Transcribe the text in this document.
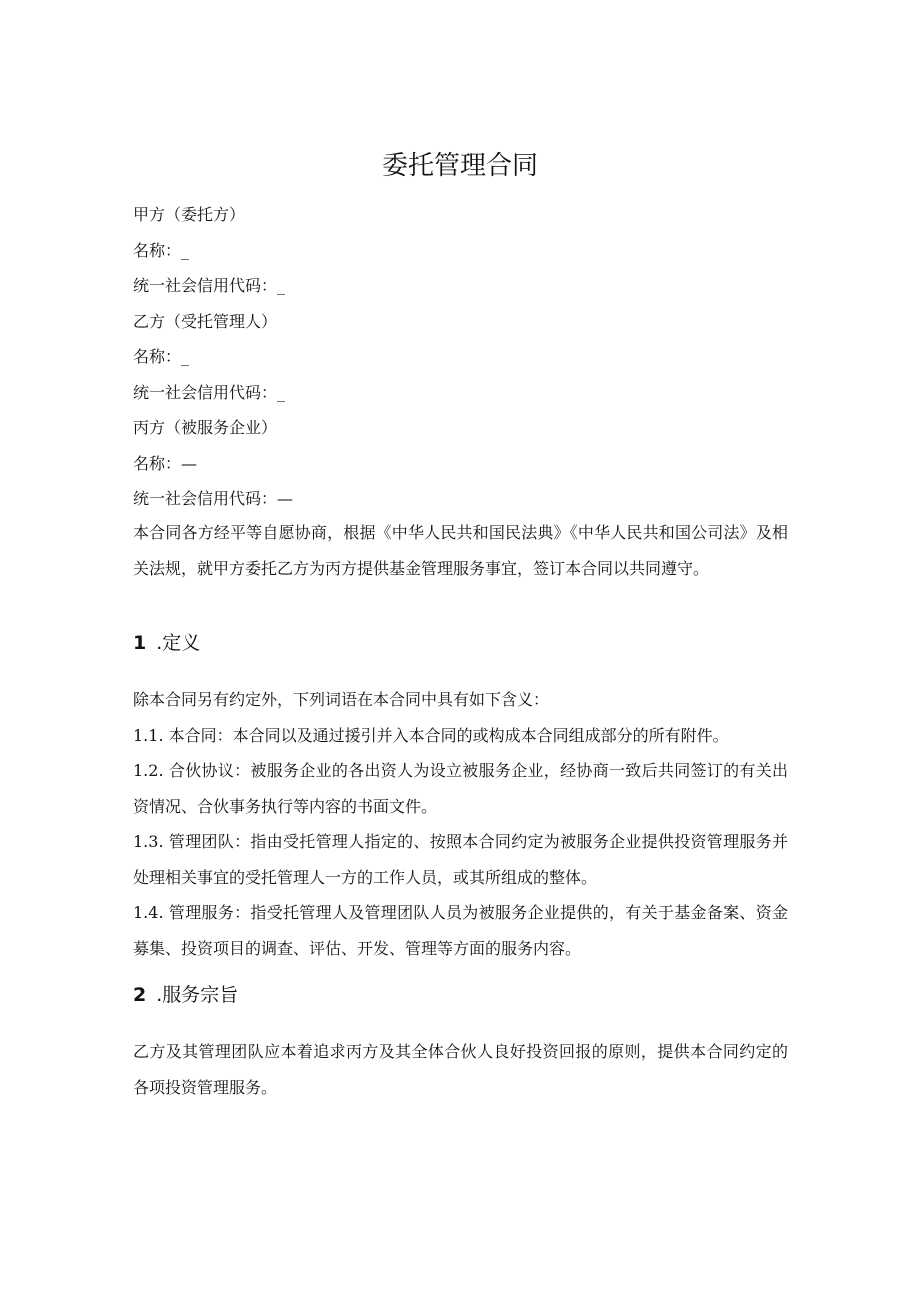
委托管理合同

甲方（委托方）

名称：_

统一社会信用代码：_

乙方（受托管理人）

名称：_

统一社会信用代码：_

丙方（被服务企业）

名称：—

统一社会信用代码：—

本合同各方经平等自愿协商，根据《中华人民共和国民法典》《中华人民共和国公司法》及相关法规，就甲方委托乙方为丙方提供基金管理服务事宜，签订本合同以共同遵守。

1 .定义

除本合同另有约定外，下列词语在本合同中具有如下含义：

1.1. 本合同：本合同以及通过援引并入本合同的或构成本合同组成部分的所有附件。

1.2. 合伙协议：被服务企业的各出资人为设立被服务企业，经协商一致后共同签订的有关出资情况、合伙事务执行等内容的书面文件。

1.3. 管理团队：指由受托管理人指定的、按照本合同约定为被服务企业提供投资管理服务并处理相关事宜的受托管理人一方的工作人员，或其所组成的整体。

1.4. 管理服务：指受托管理人及管理团队人员为被服务企业提供的，有关于基金备案、资金募集、投资项目的调查、评估、开发、管理等方面的服务内容。

2 .服务宗旨

乙方及其管理团队应本着追求丙方及其全体合伙人良好投资回报的原则，提供本合同约定的各项投资管理服务。
